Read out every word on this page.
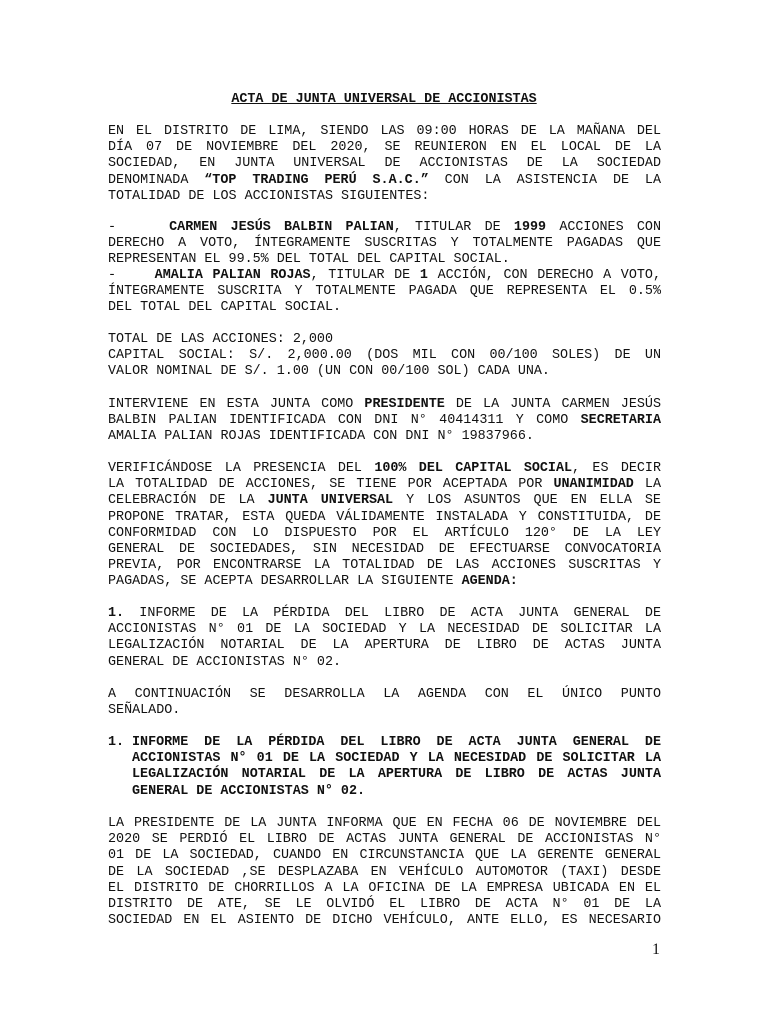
ACTA DE JUNTA UNIVERSAL DE ACCIONISTAS
EN EL DISTRITO DE LIMA, SIENDO LAS 09:00 HORAS DE LA MAÑANA DEL
DÍA 07 DE NOVIEMBRE DEL 2020, SE REUNIERON EN EL LOCAL DE LA
SOCIEDAD, EN JUNTA UNIVERSAL DE ACCIONISTAS DE LA SOCIEDAD
DENOMINADA “TOP TRADING PERÚ S.A.C.” CON LA ASISTENCIA DE LA
TOTALIDAD DE LOS ACCIONISTAS SIGUIENTES:
-	CARMEN JESÚS BALBIN PALIAN, TITULAR DE 1999 ACCIONES CON
DERECHO A VOTO, ÍNTEGRAMENTE SUSCRITAS Y TOTALMENTE PAGADAS QUE
REPRESENTAN EL 99.5% DEL TOTAL DEL CAPITAL SOCIAL.
-	AMALIA PALIAN ROJAS, TITULAR DE 1 ACCIÓN, CON DERECHO A VOTO,
ÍNTEGRAMENTE SUSCRITA Y TOTALMENTE PAGADA QUE REPRESENTA EL 0.5%
DEL TOTAL DEL CAPITAL SOCIAL.
TOTAL DE LAS ACCIONES: 2,000
CAPITAL SOCIAL: S/. 2,000.00 (DOS MIL CON 00/100 SOLES) DE UN
VALOR NOMINAL DE S/. 1.00 (UN CON 00/100 SOL) CADA UNA.
INTERVIENE EN ESTA JUNTA COMO PRESIDENTE DE LA JUNTA CARMEN JESÚS
BALBIN PALIAN IDENTIFICADA CON DNI N° 40414311 Y COMO SECRETARIA
AMALIA PALIAN ROJAS IDENTIFICADA CON DNI N° 19837966.
VERIFICÁNDOSE LA PRESENCIA DEL 100% DEL CAPITAL SOCIAL, ES DECIR
LA TOTALIDAD DE ACCIONES, SE TIENE POR ACEPTADA POR UNANIMIDAD LA
CELEBRACIÓN DE LA JUNTA UNIVERSAL Y LOS ASUNTOS QUE EN ELLA SE
PROPONE TRATAR, ESTA QUEDA VÁLIDAMENTE INSTALADA Y CONSTITUIDA, DE
CONFORMIDAD CON LO DISPUESTO POR EL ARTÍCULO 120° DE LA LEY
GENERAL DE SOCIEDADES, SIN NECESIDAD DE EFECTUARSE CONVOCATORIA
PREVIA, POR ENCONTRARSE LA TOTALIDAD DE LAS ACCIONES SUSCRITAS Y
PAGADAS, SE ACEPTA DESARROLLAR LA SIGUIENTE AGENDA:
1. INFORME DE LA PÉRDIDA DEL LIBRO DE ACTA JUNTA GENERAL DE
ACCIONISTAS N° 01 DE LA SOCIEDAD Y LA NECESIDAD DE SOLICITAR LA
LEGALIZACIÓN NOTARIAL DE LA APERTURA DE LIBRO DE ACTAS JUNTA
GENERAL DE ACCIONISTAS N° 02.
A CONTINUACIÓN SE DESARROLLA LA AGENDA CON EL ÚNICO PUNTO
SEÑALADO.
1. INFORME DE LA PÉRDIDA DEL LIBRO DE ACTA JUNTA GENERAL DE
ACCIONISTAS N° 01 DE LA SOCIEDAD Y LA NECESIDAD DE SOLICITAR LA
LEGALIZACIÓN NOTARIAL DE LA APERTURA DE LIBRO DE ACTAS JUNTA
GENERAL DE ACCIONISTAS N° 02.
LA PRESIDENTE DE LA JUNTA INFORMA QUE EN FECHA 06 DE NOVIEMBRE DEL
2020 SE PERDIÓ EL LIBRO DE ACTAS JUNTA GENERAL DE ACCIONISTAS N°
01 DE LA SOCIEDAD, CUANDO EN CIRCUNSTANCIA QUE LA GERENTE GENERAL
DE LA SOCIEDAD ,SE DESPLAZABA EN VEHÍCULO AUTOMOTOR (TAXI) DESDE
EL DISTRITO DE CHORRILLOS A LA OFICINA DE LA EMPRESA UBICADA EN EL
DISTRITO DE ATE, SE LE OLVIDÓ EL LIBRO DE ACTA N° 01 DE LA
SOCIEDAD EN EL ASIENTO DE DICHO VEHÍCULO, ANTE ELLO, ES NECESARIO
1
